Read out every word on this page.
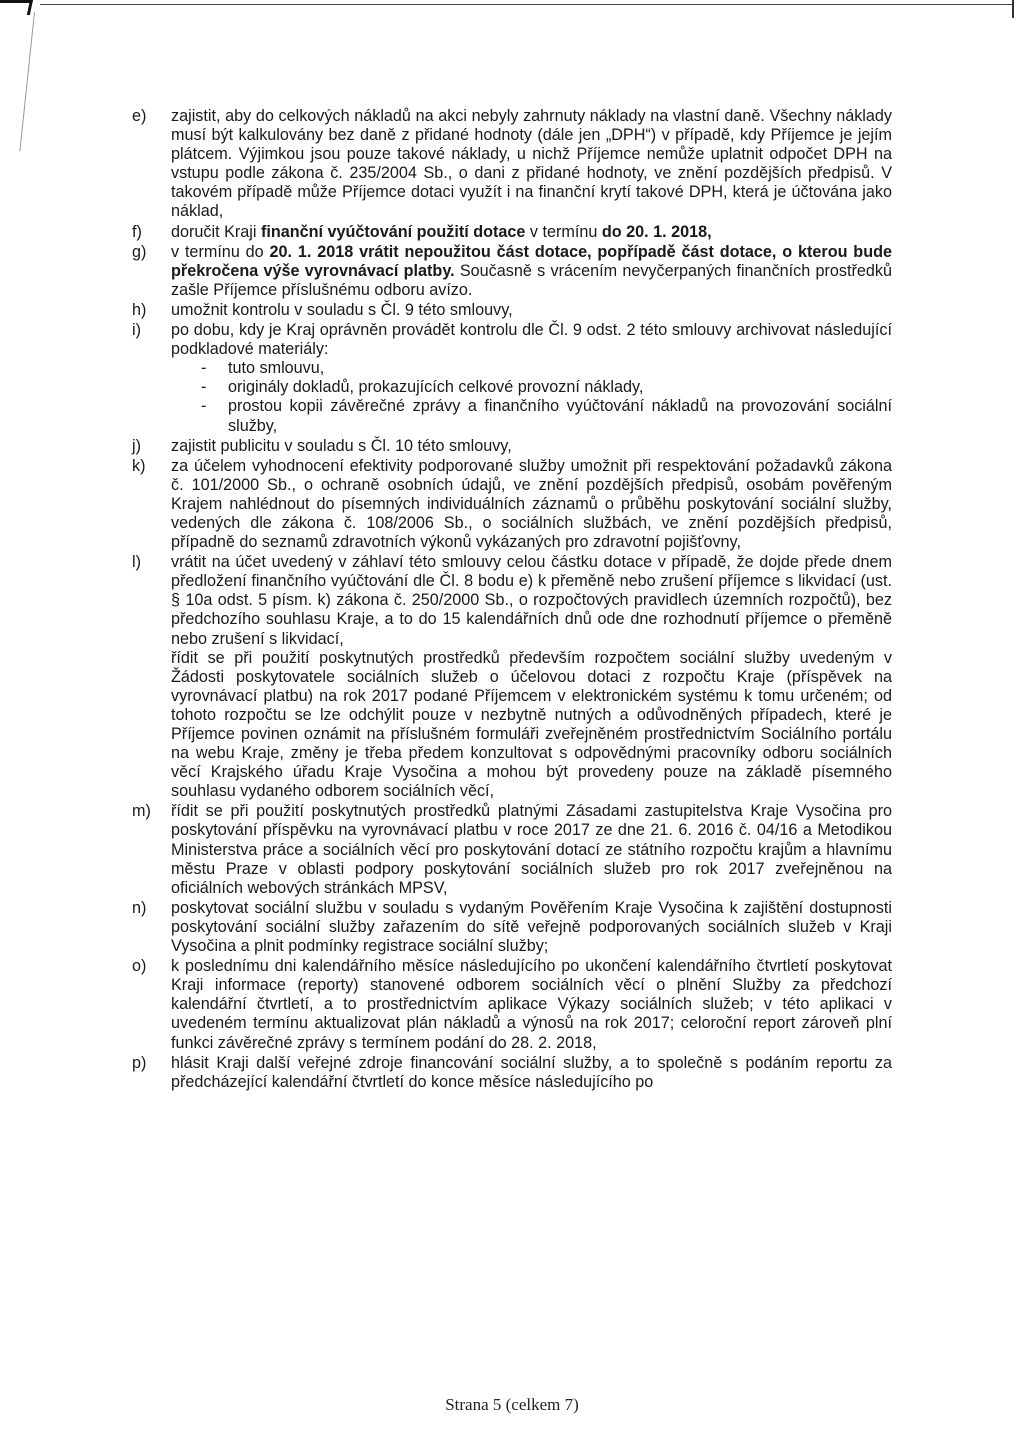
e)	zajistit, aby do celkových nákladů na akci nebyly zahrnuty náklady na vlastní daně. Všechny náklady musí být kalkulovány bez daně z přidané hodnoty (dále jen „DPH“) v případě, kdy Příjemce je jejím plátcem. Výjimkou jsou pouze takové náklady, u nichž Příjemce nemůže uplatnit odpočet DPH na vstupu podle zákona č. 235/2004 Sb., o dani z přidané hodnoty, ve znění pozdějších předpisů. V takovém případě může Příjemce dotaci využít i na finanční krytí takové DPH, která je účtována jako náklad,

f)	doručit Kraji finanční vyúčtování použití dotace v termínu do 20. 1. 2018,

g)	v termínu do 20. 1. 2018 vrátit nepoužitou část dotace, popřípadě část dotace, o kterou bude překročena výše vyrovnávací platby. Současně s vrácením nevyčerpaných finančních prostředků zašle Příjemce příslušnému odboru avízo.

h)	umožnit kontrolu v souladu s Čl. 9 této smlouvy,

i)	po dobu, kdy je Kraj oprávněn provádět kontrolu dle Čl. 9 odst. 2 této smlouvy archivovat následující podkladové materiály:

-	tuto smlouvu,
-	originály dokladů, prokazujících celkové provozní náklady,
-	prostou kopii závěrečné zprávy a finančního vyúčtování nákladů na provozování sociální služby,
j)	zajistit publicitu v souladu s Čl. 10 této smlouvy,

k)	za účelem vyhodnocení efektivity podporované služby umožnit při respektování požadavků zákona č. 101/2000 Sb., o ochraně osobních údajů, ve znění pozdějších předpisů, osobám pověřeným Krajem nahlédnout do písemných individuálních záznamů o průběhu poskytování sociální služby, vedených dle zákona č. 108/2006 Sb., o sociálních službách, ve znění pozdějších předpisů, případně do seznamů zdravotních výkonů vykázaných pro zdravotní pojišťovny,

l)	vrátit na účet uvedený v záhlaví této smlouvy celou částku dotace v případě, že dojde přede dnem předložení finančního vyúčtování dle Čl. 8 bodu e) k přeměně nebo zrušení příjemce s likvidací (ust. § 10a odst. 5 písm. k) zákona č. 250/2000 Sb., o rozpočtových pravidlech územních rozpočtů), bez předchozího souhlasu Kraje, a to do 15 kalendářních dnů ode dne rozhodnutí příjemce o přeměně nebo zrušení s likvidací,

řídit se při použití poskytnutých prostředků především rozpočtem sociální služby uvedeným v Žádosti poskytovatele sociálních služeb o účelovou dotaci z rozpočtu Kraje (příspěvek na vyrovnávací platbu) na rok 2017 podané Příjemcem v elektronickém systému k tomu určeném; od tohoto rozpočtu se lze odchýlit pouze v nezbytně nutných a odůvodněných případech, které je Příjemce povinen oznámit na příslušném formuláři zveřejněném prostřednictvím Sociálního portálu na webu Kraje, změny je třeba předem konzultovat s odpovědnými pracovníky odboru sociálních věcí Krajského úřadu Kraje Vysočina a mohou být provedeny pouze na základě písemného souhlasu vydaného odborem sociálních věcí,

m)	řídit se při použití poskytnutých prostředků platnými Zásadami zastupitelstva Kraje Vysočina pro poskytování příspěvku na vyrovnávací platbu v roce 2017 ze dne 21. 6. 2016 č. 04/16 a Metodikou Ministerstva práce a sociálních věcí pro poskytování dotací ze státního rozpočtu krajům a hlavnímu městu Praze v oblasti podpory poskytování sociálních služeb pro rok 2017 zveřejněnou na oficiálních webových stránkách MPSV,

n)	poskytovat sociální službu v souladu s vydaným Pověřením Kraje Vysočina k zajištění dostupnosti poskytování sociální služby zařazením do sítě veřejně podporovaných sociálních služeb v Kraji Vysočina a plnit podmínky registrace sociální služby;

o)	k poslednímu dni kalendářního měsíce následujícího po ukončení kalendářního čtvrtletí poskytovat Kraji informace (reporty) stanovené odborem sociálních věcí o plnění Služby za předchozí kalendářní čtvrtletí, a to prostřednictvím aplikace Výkazy sociálních služeb; v této aplikaci v uvedeném termínu aktualizovat plán nákladů a výnosů na rok 2017; celoroční report zároveň plní funkci závěrečné zprávy s termínem podání do 28. 2. 2018,

p)	hlásit Kraji další veřejné zdroje financování sociální služby, a to společně s podáním reportu za předcházející kalendářní čtvrtletí do konce měsíce následujícího po

Strana 5 (celkem 7)
